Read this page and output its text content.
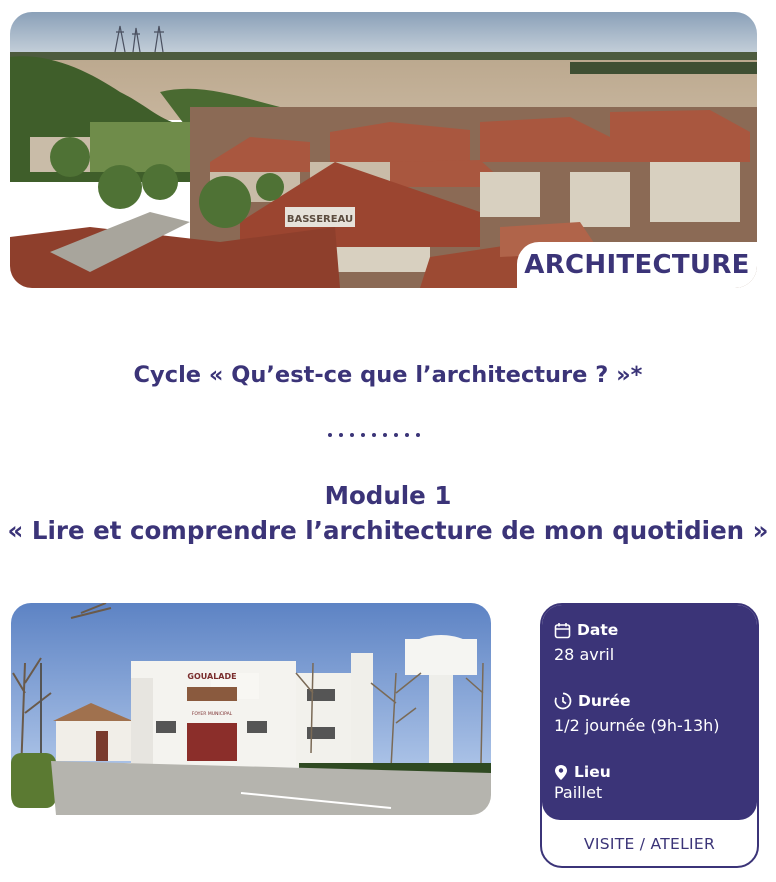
BASSEREAU
ARCHITECTURE
Cycle « Qu’est-ce que l’architecture ? »*
Module 1
« Lire et comprendre l’architecture de mon quotidien »
GOUALADE
FOYER MUNICIPAL
Date
28 avril
Durée
1/2 journée (9h-13h)
Lieu
Paillet
VISITE / ATELIER
